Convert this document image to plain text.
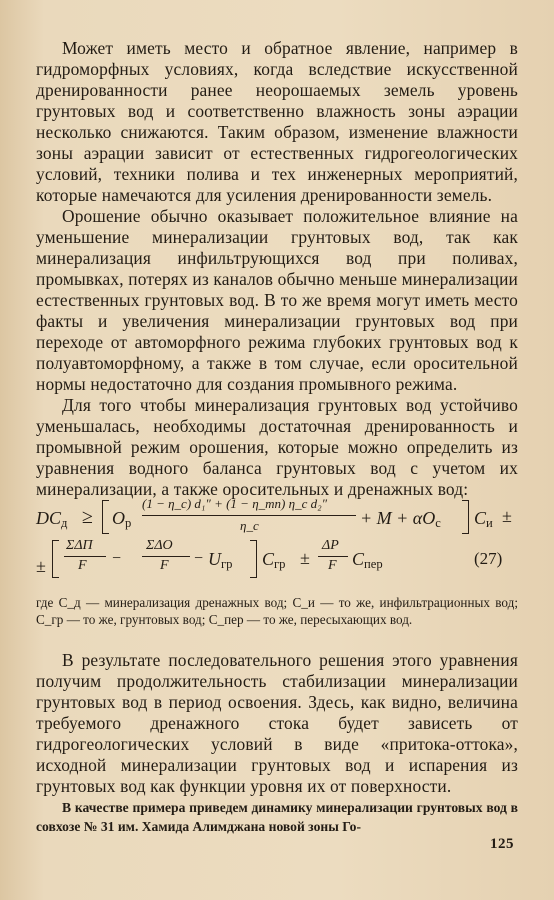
Может иметь место и обратное явление, например в гидроморфных условиях, когда вследствие искусственной дренированности ранее неорошаемых земель уровень грунтовых вод и соответственно влажность зоны аэрации несколько снижаются. Таким образом, изменение влажности зоны аэрации зависит от естественных гидрогеологических условий, техники полива и тех инженерных мероприятий, которые намечаются для усиления дренированности земель.

Орошение обычно оказывает положительное влияние на уменьшение минерализации грунтовых вод, так как минерализация инфильтрующихся вод при поливах, промывках, потерях из каналов обычно меньше минерализации естественных грунтовых вод. В то же время могут иметь место факты и увеличения минерализации грунтовых вод при переходе от автоморфного режима глубоких грунтовых вод к полуавтоморфному, а также в том случае, если оросительной нормы недостаточно для создания промывного режима.

Для того чтобы минерализация грунтовых вод устойчиво уменьшалась, необходимы достаточная дренированность и промывной режим орошения, которые можно определить из уравнения водного баланса грунтовых вод с учетом их минерализации, а также оросительных и дренажных вод:

$DC_д \ge O_р$
(1 − η_c) d₁″ + (1 − η_mn) η_c d₂″
η_c	+ $M + \alpha O_c$ $C_и$ ±
±
ΣΔП
F −
ΣΔO
$F - U_{гр}$ $C_{гр}$ ±
ΔP
F $C_{пер}$	(27)

где C_д — минерализация дренажных вод; C_и — то же, инфильтрационных вод; C_гр — то же, грунтовых вод; C_пер — то же, пересыхающих вод.

В результате последовательного решения этого уравнения получим продолжительность стабилизации минерализации грунтовых вод в период освоения. Здесь, как видно, величина требуемого дренажного стока будет зависеть от гидрогеологических условий в виде «притока-оттока», исходной минерализации грунтовых вод и испарения из грунтовых вод как функции уровня их от поверхности.

В качестве примера приведем динамику минерализации грунтовых вод в совхозе № 31 им. Хамида Алимджана новой зоны Го-

125
